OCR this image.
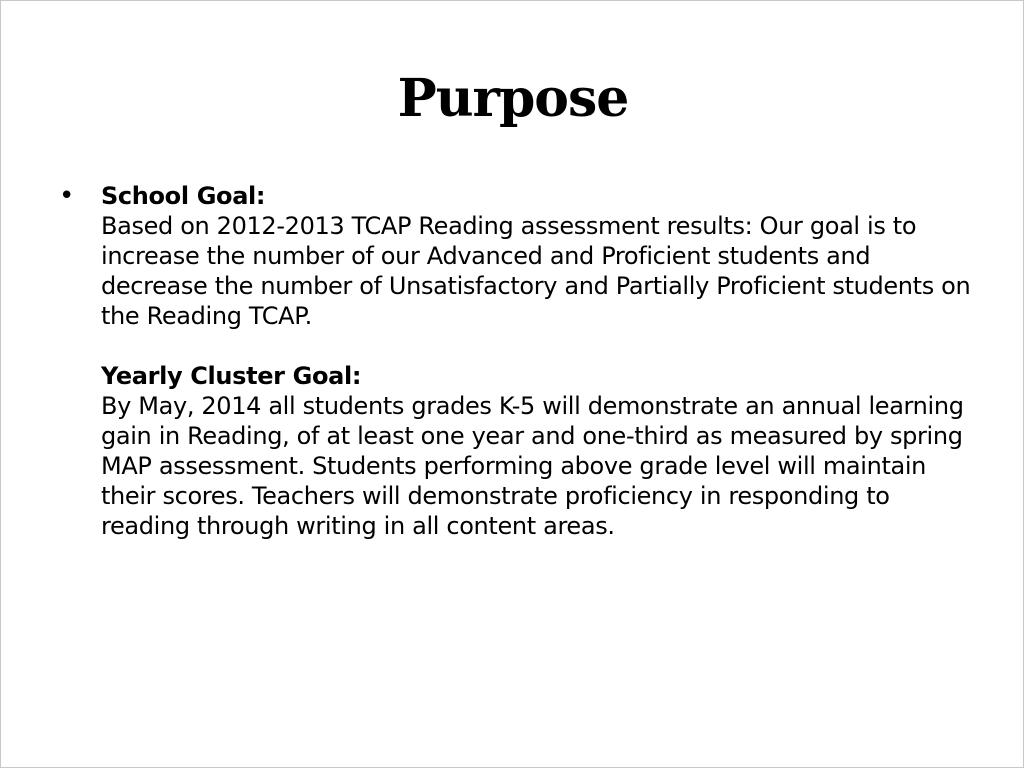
Purpose
•	School Goal:
Based on 2012-2013 TCAP Reading assessment results: Our goal is to increase the number of our Advanced and Proficient students and decrease the number of Unsatisfactory and Partially Proficient students on the Reading TCAP.
Yearly Cluster Goal:
By May, 2014 all students grades K-5 will demonstrate an annual learning gain in Reading, of at least one year and one-third as measured by spring MAP assessment. Students performing above grade level will maintain their scores. Teachers will demonstrate proficiency in responding to reading through writing in all content areas.
